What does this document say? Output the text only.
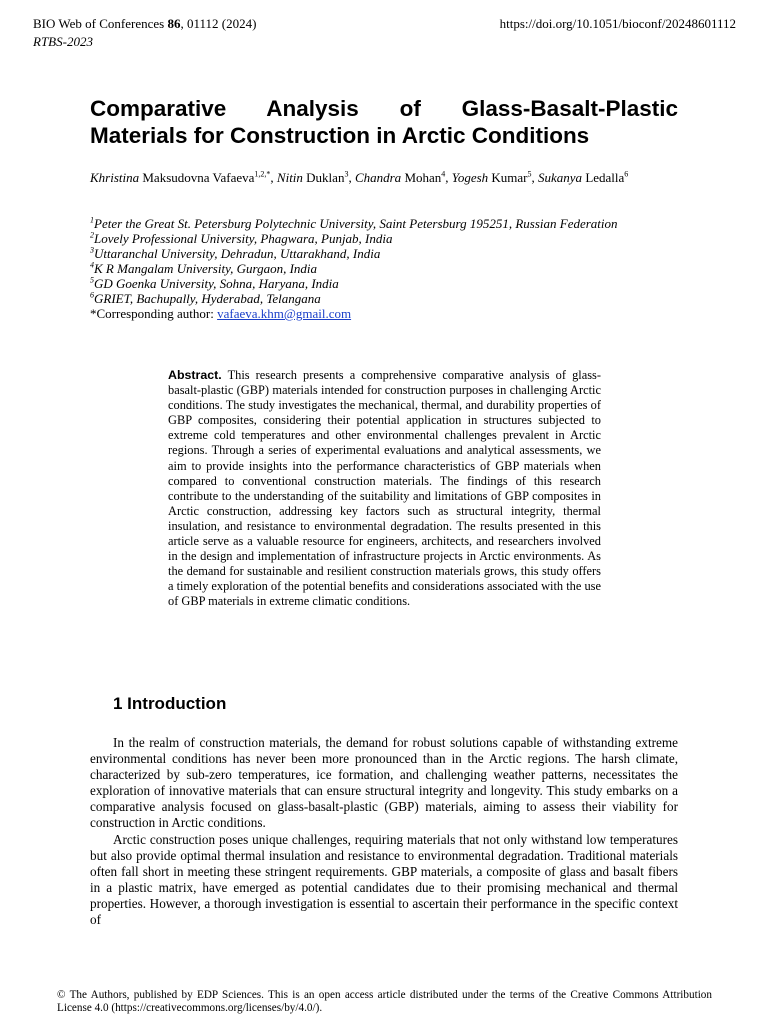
BIO Web of Conferences 86, 01112 (2024)	https://doi.org/10.1051/bioconf/20248601112
RTBS-2023
Comparative Analysis of Glass-Basalt-Plastic Materials for Construction in Arctic Conditions
Khristina Maksudovna Vafaeva$^{1,2,*}$, Nitin Duklan$^3$, Chandra Mohan$^4$, Yogesh Kumar$^5$, Sukanya Ledalla$^6$
$^1$Peter the Great St. Petersburg Polytechnic University, Saint Petersburg 195251, Russian Federation
$^2$Lovely Professional University, Phagwara, Punjab, India
$^3$Uttaranchal University, Dehradun, Uttarakhand, India
$^4$K R Mangalam University, Gurgaon, India
$^5$GD Goenka University, Sohna, Haryana, India
$^6$GRIET, Bachupally, Hyderabad, Telangana
*Corresponding author: vafaeva.khm@gmail.com
Abstract. This research presents a comprehensive comparative analysis of glass-basalt-plastic (GBP) materials intended for construction purposes in challenging Arctic conditions. The study investigates the mechanical, thermal, and durability properties of GBP composites, considering their potential application in structures subjected to extreme cold temperatures and other environmental challenges prevalent in Arctic regions. Through a series of experimental evaluations and analytical assessments, we aim to provide insights into the performance characteristics of GBP materials when compared to conventional construction materials. The findings of this research contribute to the understanding of the suitability and limitations of GBP composites in Arctic construction, addressing key factors such as structural integrity, thermal insulation, and resistance to environmental degradation. The results presented in this article serve as a valuable resource for engineers, architects, and researchers involved in the design and implementation of infrastructure projects in Arctic environments. As the demand for sustainable and resilient construction materials grows, this study offers a timely exploration of the potential benefits and considerations associated with the use of GBP materials in extreme climatic conditions.
1 Introduction

In the realm of construction materials, the demand for robust solutions capable of withstanding extreme environmental conditions has never been more pronounced than in the Arctic regions. The harsh climate, characterized by sub-zero temperatures, ice formation, and challenging weather patterns, necessitates the exploration of innovative materials that can ensure structural integrity and longevity. This study embarks on a comparative analysis focused on glass-basalt-plastic (GBP) materials, aiming to assess their viability for construction in Arctic conditions.

Arctic construction poses unique challenges, requiring materials that not only withstand low temperatures but also provide optimal thermal insulation and resistance to environmental degradation. Traditional materials often fall short in meeting these stringent requirements. GBP materials, a composite of glass and basalt fibers in a plastic matrix, have emerged as potential candidates due to their promising mechanical and thermal properties. However, a thorough investigation is essential to ascertain their performance in the specific context of

© The Authors, published by EDP Sciences. This is an open access article distributed under the terms of the Creative Commons Attribution License 4.0 (https://creativecommons.org/licenses/by/4.0/).
